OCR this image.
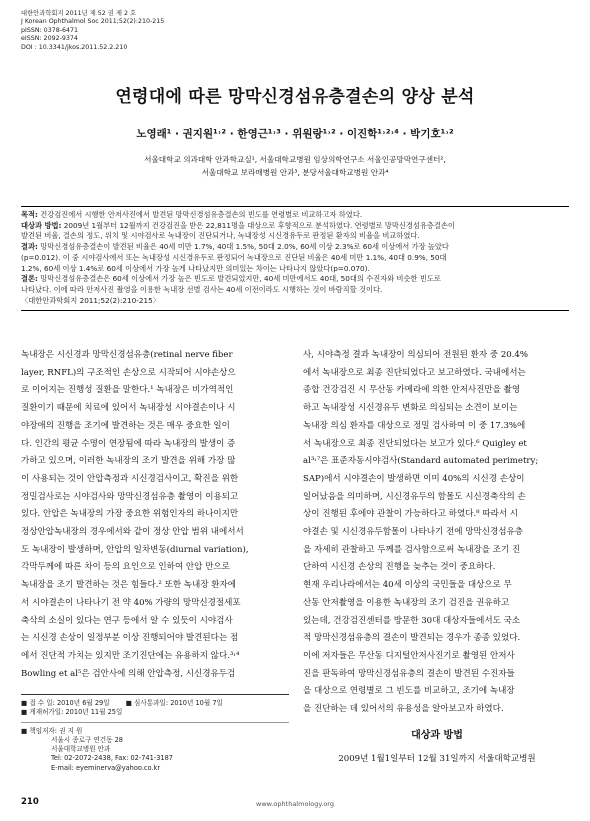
대한안과학회지 2011년 제 52 권 제 2 호
J Korean Ophthalmol Soc 2011;52(2):210-215
pISSN: 0378-6471
eISSN: 2092-9374
DOI : 10.3341/jkos.2011.52.2.210
연령대에 따른 망막신경섬유층결손의 양상 분석
노영래¹ · 권지원¹˒² · 한영근¹˒³ · 위원랑¹˒² · 이진학¹˒²˒⁴ · 박기호¹˒²
서울대학교 의과대학 안과학교실¹, 서울대학교병원 임상의학연구소 서울인공망막연구센터²,
서울대학교 보라매병원 안과³, 분당서울대학교병원 안과⁴

목적: 건강검진에서 시행한 안저사진에서 발견된 망막신경섬유층결손의 빈도를 연령별로 비교하고자 하였다.

대상과 방법: 2009년 1월부터 12월까지 건강검진을 받은 22,811명을 대상으로 후향적으로 분석하였다. 연령별로 망막신경섬유층결손이

발견된 비율, 결손의 정도, 위치 및 시야검사로 녹내장이 진단되거나, 녹내장성 시신경유두로 판정된 환자의 비율을 비교하였다.

결과: 망막신경섬유층결손이 발견된 비율은 40세 미만 1.7%, 40대 1.5%, 50대 2.0%, 60세 이상 2.3%로 60세 이상에서 가장 높았다

(p=0.012). 이 중 시야검사에서 또는 녹내장성 시신경유두로 판정되어 녹내장으로 진단된 비율은 40세 미만 1.1%, 40대 0.9%, 50대

1.2%, 60세 이상 1.4%로 60세 이상에서 가장 높게 나타났지만 의미있는 차이는 나타나지 않았다(p=0.070).

결론: 망막신경섬유층결손은 60세 이상에서 가장 높은 빈도로 발견되었지만, 40세 미만에서도 40대, 50대의 수진자와 비슷한 빈도로

나타났다. 이에 따라 안저사진 촬영을 이용한 녹내장 선별 검사는 40세 이전이라도 시행하는 것이 바람직할 것이다.

〈대한안과학회지 2011;52(2):210-215〉

녹내장은 시신경과 망막신경섬유층(retinal nerve fiber

layer, RNFL)의 구조적인 손상으로 시작되어 시야손상으

로 이어지는 진행성 질환을 말한다.¹ 녹내장은 비가역적인

질환이기 때문에 치료에 있어서 녹내장성 시야결손이나 시

야장애의 진행을 조기에 발견하는 것은 매우 중요한 일이

다. 인간의 평균 수명이 연장됨에 따라 녹내장의 발생이 증

가하고 있으며, 이러한 녹내장의 조기 발견을 위해 가장 많

이 사용되는 것이 안압측정과 시신경검사이고, 확진을 위한

정밀검사로는 시야검사와 망막신경섬유층 촬영이 이용되고

있다. 안압은 녹내장의 가장 중요한 위험인자의 하나이지만

정상안압녹내장의 경우에서와 같이 정상 안압 범위 내에서서

도 녹내장이 발생하며, 안압의 일차변동(diurnal variation),

각막두께에 따른 차이 등의 요인으로 인하여 안압 만으로

녹내장을 조기 발견하는 것은 힘들다.² 또한 녹내장 환자에

서 시야결손이 나타나기 전 약 40% 가량의 망막신경절세포

축삭의 소실이 있다는 연구 등에서 알 수 있듯이 시야검사

는 시신경 손상이 일정부분 이상 진행되어야 발견된다는 점

에서 진단적 가치는 있지만 조기진단에는 유용하지 않다.³˒⁴

Bowling et al⁵은 검안사에 의해 안압측정, 시신경유두검

사, 시야측정 결과 녹내장이 의심되어 전원된 환자 중 20.4%

에서 녹내장으로 최종 진단되었다고 보고하였다. 국내에서는

종합 건강검진 시 무산동 카메라에 의한 안저사진만을 촬영

하고 녹내장성 시신경유두 변화로 의심되는 소견이 보이는

녹내장 의심 환자를 대상으로 정밀 검사하여 이 중 17.3%에

서 녹내장으로 최종 진단되었다는 보고가 있다.⁶ Quigley et

al³˒⁷은 표준자동시야검사(Standard automated perimetry;

SAP)에서 시야결손이 발생하면 이미 40%의 시신경 손상이

일어났음을 의미하며, 시신경유두의 함몰도 시신경축삭의 손

상이 진행된 후에야 관찰이 가능하다고 하였다.⁸ 따라서 시

야결손 및 시신경유두함몰이 나타나기 전에 망막신경섬유층

을 자세히 관찰하고 두께를 검사함으로써 녹내장을 조기 진

단하여 시신경 손상의 진행을 늦추는 것이 중요하다.

현재 우리나라에서는 40세 이상의 국민들을 대상으로 무

산동 안저촬영을 이용한 녹내장의 조기 검진을 권유하고

있는데, 건강검진센터를 방문한 30대 대상자들에서도 국소

적 망막신경섬유층의 결손이 발견되는 경우가 종종 있었다.

이에 저자들은 무산동 디지털안저사진기로 촬영된 안저사

진을 판독하여 망막신경섬유층의 결손이 발견된 수진자들

을 대상으로 연령별로 그 빈도를 비교하고, 조기에 녹내장

을 진단하는 데 있어서의 유용성을 알아보고자 하였다.

■ 접 수 일: 2010년 6월 29일 ■ 심사통과일: 2010년 10월 7일
■ 게재허가일: 2010년 11월 25일
■ 책임저자: 권 지 원
서울시 종로구 연건동 28
서울대학교병원 안과
Tel: 02-2072-2438, Fax: 02-741-3187
E-mail: eyeminerva@yahoo.co.kr
대상과 방법
2009년 1월1일부터 12월 31일까지 서울대학교병원
210	www.ophthalmology.org
